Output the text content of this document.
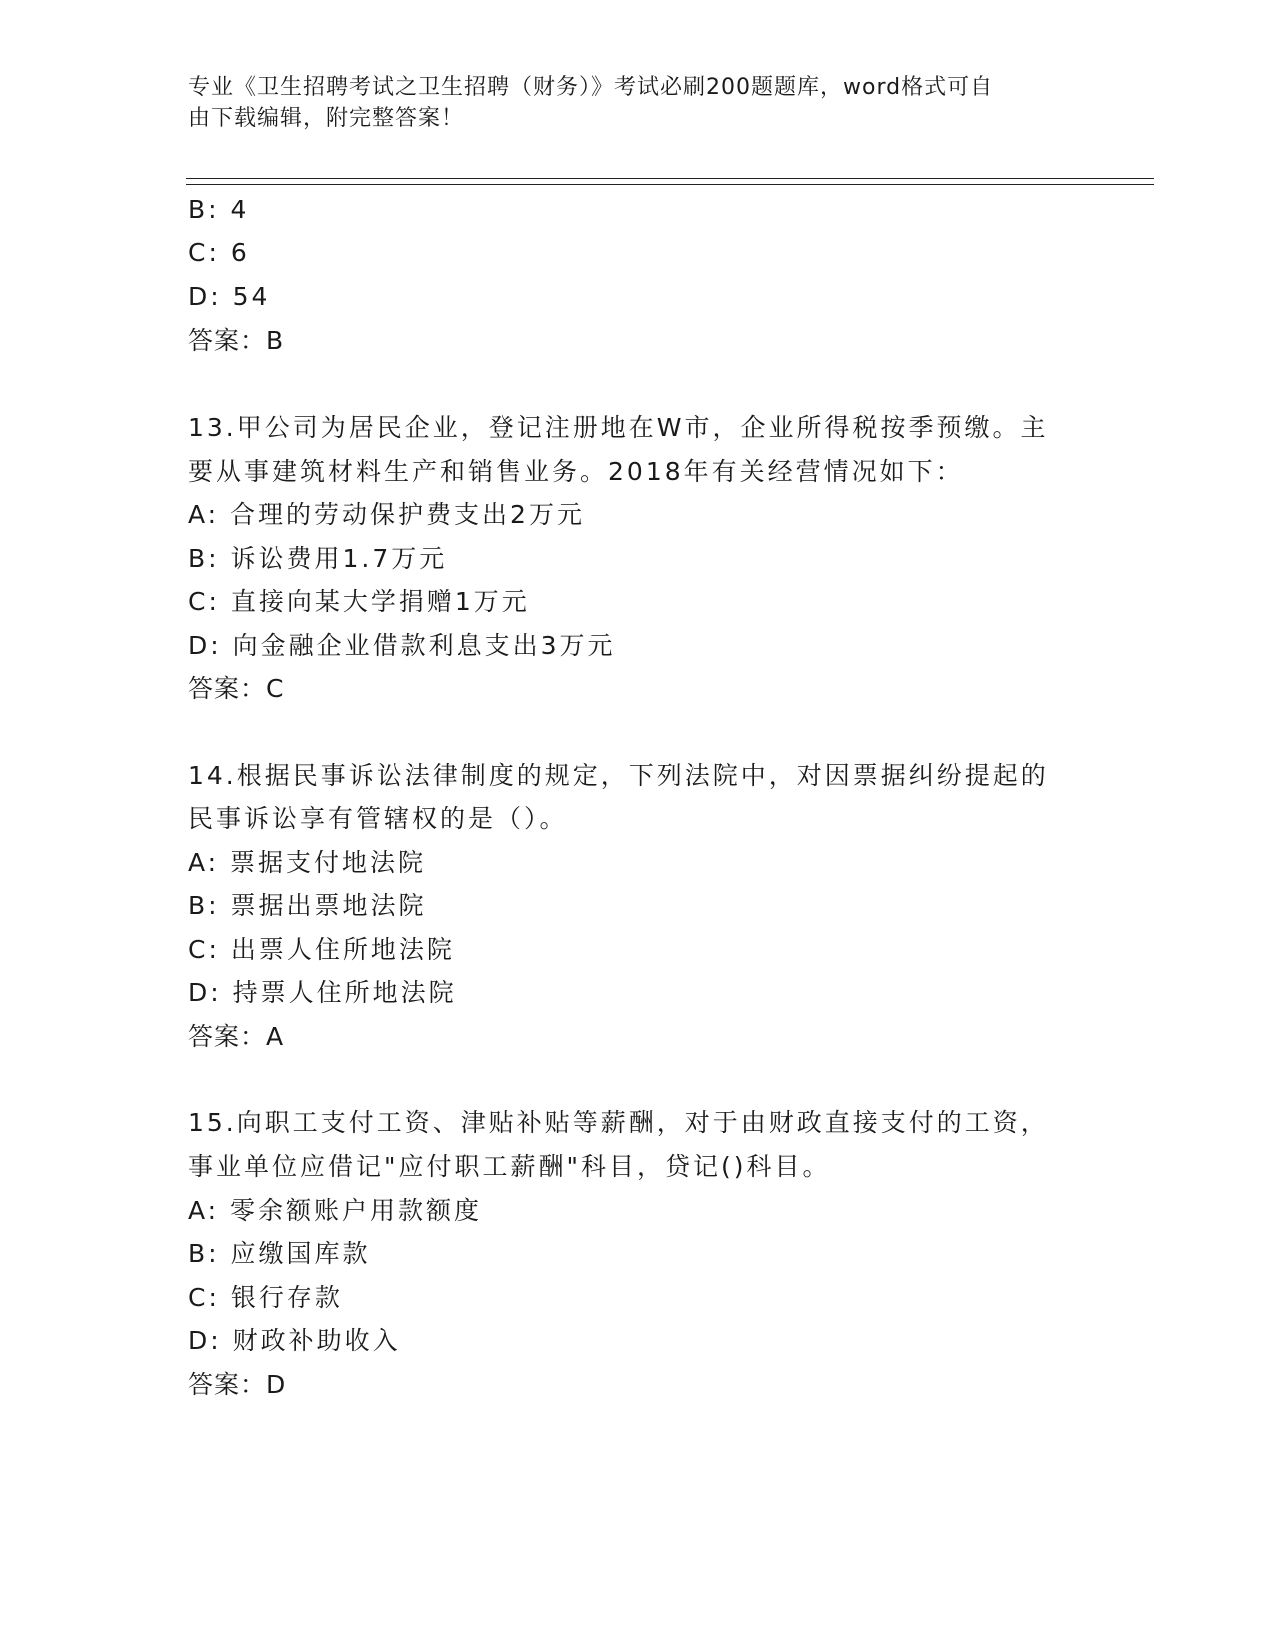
专业《卫生招聘考试之卫生招聘（财务）》考试必刷200题题库，word格式可自
由下载编辑，附完整答案！
B: 4
C: 6
D: 54
答案：B
13.甲公司为居民企业，登记注册地在W市，企业所得税按季预缴。主
要从事建筑材料生产和销售业务。2018年有关经营情况如下：
A: 合理的劳动保护费支出2万元
B: 诉讼费用1.7万元
C: 直接向某大学捐赠1万元
D: 向金融企业借款利息支出3万元
答案：C
14.根据民事诉讼法律制度的规定，下列法院中，对因票据纠纷提起的
民事诉讼享有管辖权的是（）。
A: 票据支付地法院
B: 票据出票地法院
C: 出票人住所地法院
D: 持票人住所地法院
答案：A
15.向职工支付工资、津贴补贴等薪酬，对于由财政直接支付的工资，
事业单位应借记"应付职工薪酬"科目，贷记()科目。
A: 零余额账户用款额度
B: 应缴国库款
C: 银行存款
D: 财政补助收入
答案：D
